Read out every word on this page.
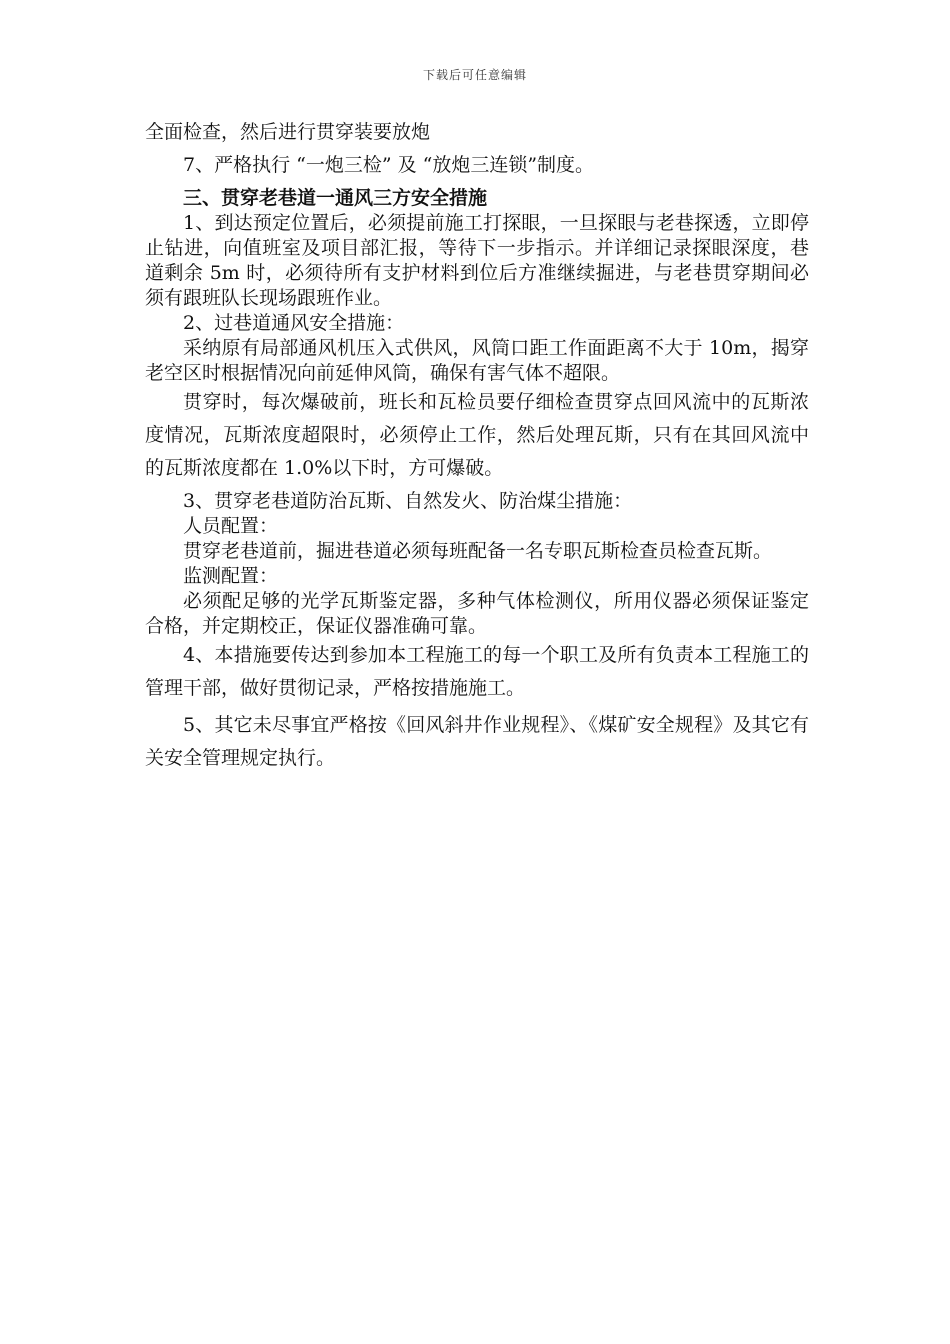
下载后可任意编辑

全面检查，然后进行贯穿装要放炮

7、严格执行 “一炮三检” 及 “放炮三连锁”制度。

三、贯穿老巷道一通风三方安全措施

1、到达预定位置后，必须提前施工打探眼，一旦探眼与老巷探透，立即停止钻进，向值班室及项目部汇报，等待下一步指示。并详细记录探眼深度，巷道剩余 5m 时，必须待所有支护材料到位后方准继续掘进，与老巷贯穿期间必须有跟班队长现场跟班作业。

2、过巷道通风安全措施：

采纳原有局部通风机压入式供风，风筒口距工作面距离不大于 10m，揭穿老空区时根据情况向前延伸风筒，确保有害气体不超限。

贯穿时，每次爆破前，班长和瓦检员要仔细检查贯穿点回风流中的瓦斯浓度情况，瓦斯浓度超限时，必须停止工作，然后处理瓦斯，只有在其回风流中的瓦斯浓度都在 1.0%以下时，方可爆破。

3、贯穿老巷道防治瓦斯、自然发火、防治煤尘措施：

人员配置：

贯穿老巷道前，掘进巷道必须每班配备一名专职瓦斯检查员检查瓦斯。

监测配置：

必须配足够的光学瓦斯鉴定器，多种气体检测仪，所用仪器必须保证鉴定合格，并定期校正，保证仪器准确可靠。

4、本措施要传达到参加本工程施工的每一个职工及所有负责本工程施工的管理干部，做好贯彻记录，严格按措施施工。

5、其它未尽事宜严格按《回风斜井作业规程》、《煤矿安全规程》及其它有关安全管理规定执行。
